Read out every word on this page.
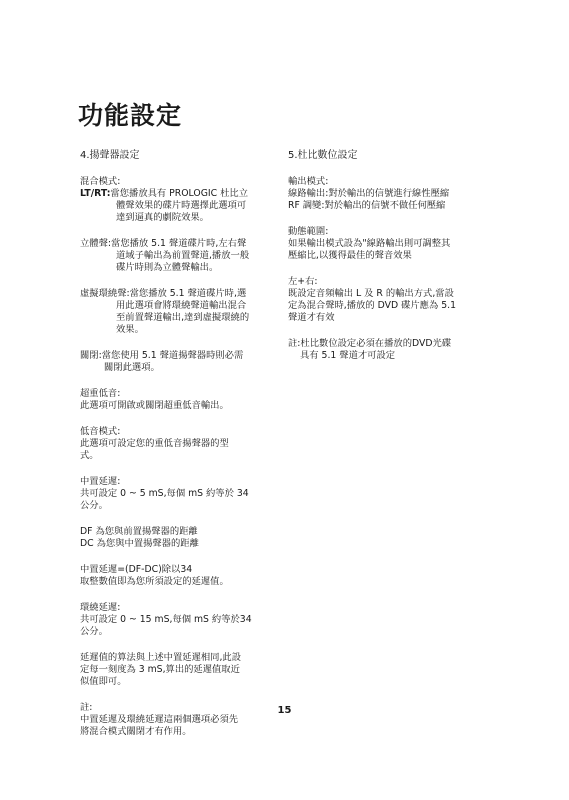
功能設定
4.揚聲器設定
混合模式:
LT/RT:當您播放具有 PROLOGIC 杜比立
體聲效果的碟片時選擇此選項可
達到逼真的劇院效果。
立體聲:當您播放 5.1 聲道碟片時,左右聲
道域子輸出為前置聲道,播放一般
碟片時則為立體聲輸出。
虛擬環繞聲:當您播放 5.1 聲道碟片時,選
用此選項會將環繞聲道輸出混合
至前置聲道輸出,達到虛擬環繞的
效果。
關閉:當您使用 5.1 聲道揚聲器時則必需
關閉此選項。
超重低音:
此選項可開啟或關閉超重低音輸出。
低音模式:
此選項可設定您的重低音揚聲器的型
式。
中置延遲:
共可設定 0 ~ 5 mS,每個 mS 約等於 34
公分。
DF 為您與前置揚聲器的距離
DC 為您與中置揚聲器的距離
中置延遲=(DF-DC)除以34
取整數值即為您所須設定的延遲值。
環繞延遲:
共可設定 0 ~ 15 mS,每個 mS 約等於34
公分。
延遲值的算法與上述中置延遲相同,此設
定每一刻度為 3 mS,算出的延遲值取近
似值即可。
註:
中置延遲及環繞延遲這兩個選項必須先
將混合模式關閉才有作用。
5.杜比數位設定
輸出模式:
線路輸出:對於輸出的信號進行線性壓縮
RF 調變:對於輸出的信號不做任何壓縮
動態範圍:
如果輸出模式設為"線路輸出則可調整其
壓縮比,以獲得最佳的聲音效果
左+右:
既設定音頻輸出 L 及 R 的輸出方式,當設
定為混合聲時,播放的 DVD 碟片應為 5.1
聲道才有效
註:杜比數位設定必須在播放的DVD光碟
具有 5.1 聲道才可設定
15
